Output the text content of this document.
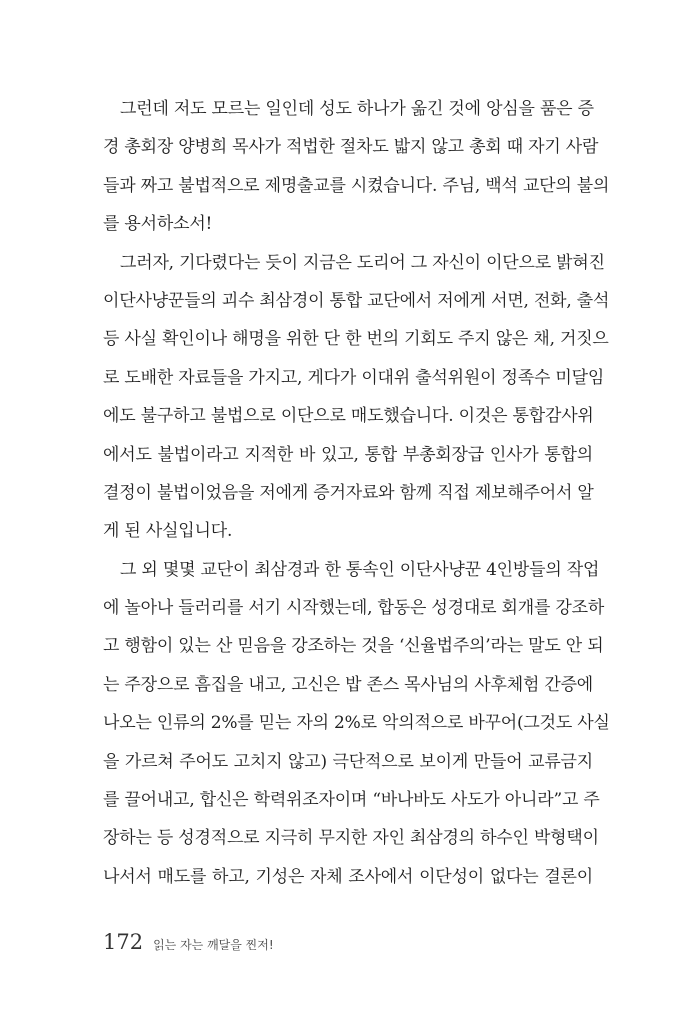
그런데 저도 모르는 일인데 성도 하나가 옮긴 것에 앙심을 품은 증
경 총회장 양병희 목사가 적법한 절차도 밟지 않고 총회 때 자기 사람
들과 짜고 불법적으로 제명출교를 시켰습니다. 주님, 백석 교단의 불의
를 용서하소서!
그러자, 기다렸다는 듯이 지금은 도리어 그 자신이 이단으로 밝혀진
이단사냥꾼들의 괴수 최삼경이 통합 교단에서 저에게 서면, 전화, 출석
등 사실 확인이나 해명을 위한 단 한 번의 기회도 주지 않은 채, 거짓으
로 도배한 자료들을 가지고, 게다가 이대위 출석위원이 정족수 미달임
에도 불구하고 불법으로 이단으로 매도했습니다. 이것은 통합감사위
에서도 불법이라고 지적한 바 있고, 통합 부총회장급 인사가 통합의
결정이 불법이었음을 저에게 증거자료와 함께 직접 제보해주어서 알
게 된 사실입니다.
그 외 몇몇 교단이 최삼경과 한 통속인 이단사냥꾼 4인방들의 작업
에 놀아나 들러리를 서기 시작했는데, 합동은 성경대로 회개를 강조하
고 행함이 있는 산 믿음을 강조하는 것을 ‘신율법주의’라는 말도 안 되
는 주장으로 흠집을 내고, 고신은 밥 존스 목사님의 사후체험 간증에
나오는 인류의 2%를 믿는 자의 2%로 악의적으로 바꾸어(그것도 사실
을 가르쳐 주어도 고치지 않고) 극단적으로 보이게 만들어 교류금지
를 끌어내고, 합신은 학력위조자이며 “바나바도 사도가 아니라”고 주
장하는 등 성경적으로 지극히 무지한 자인 최삼경의 하수인 박형택이
나서서 매도를 하고, 기성은 자체 조사에서 이단성이 없다는 결론이
172 읽는 자는 깨달을 찐저!
